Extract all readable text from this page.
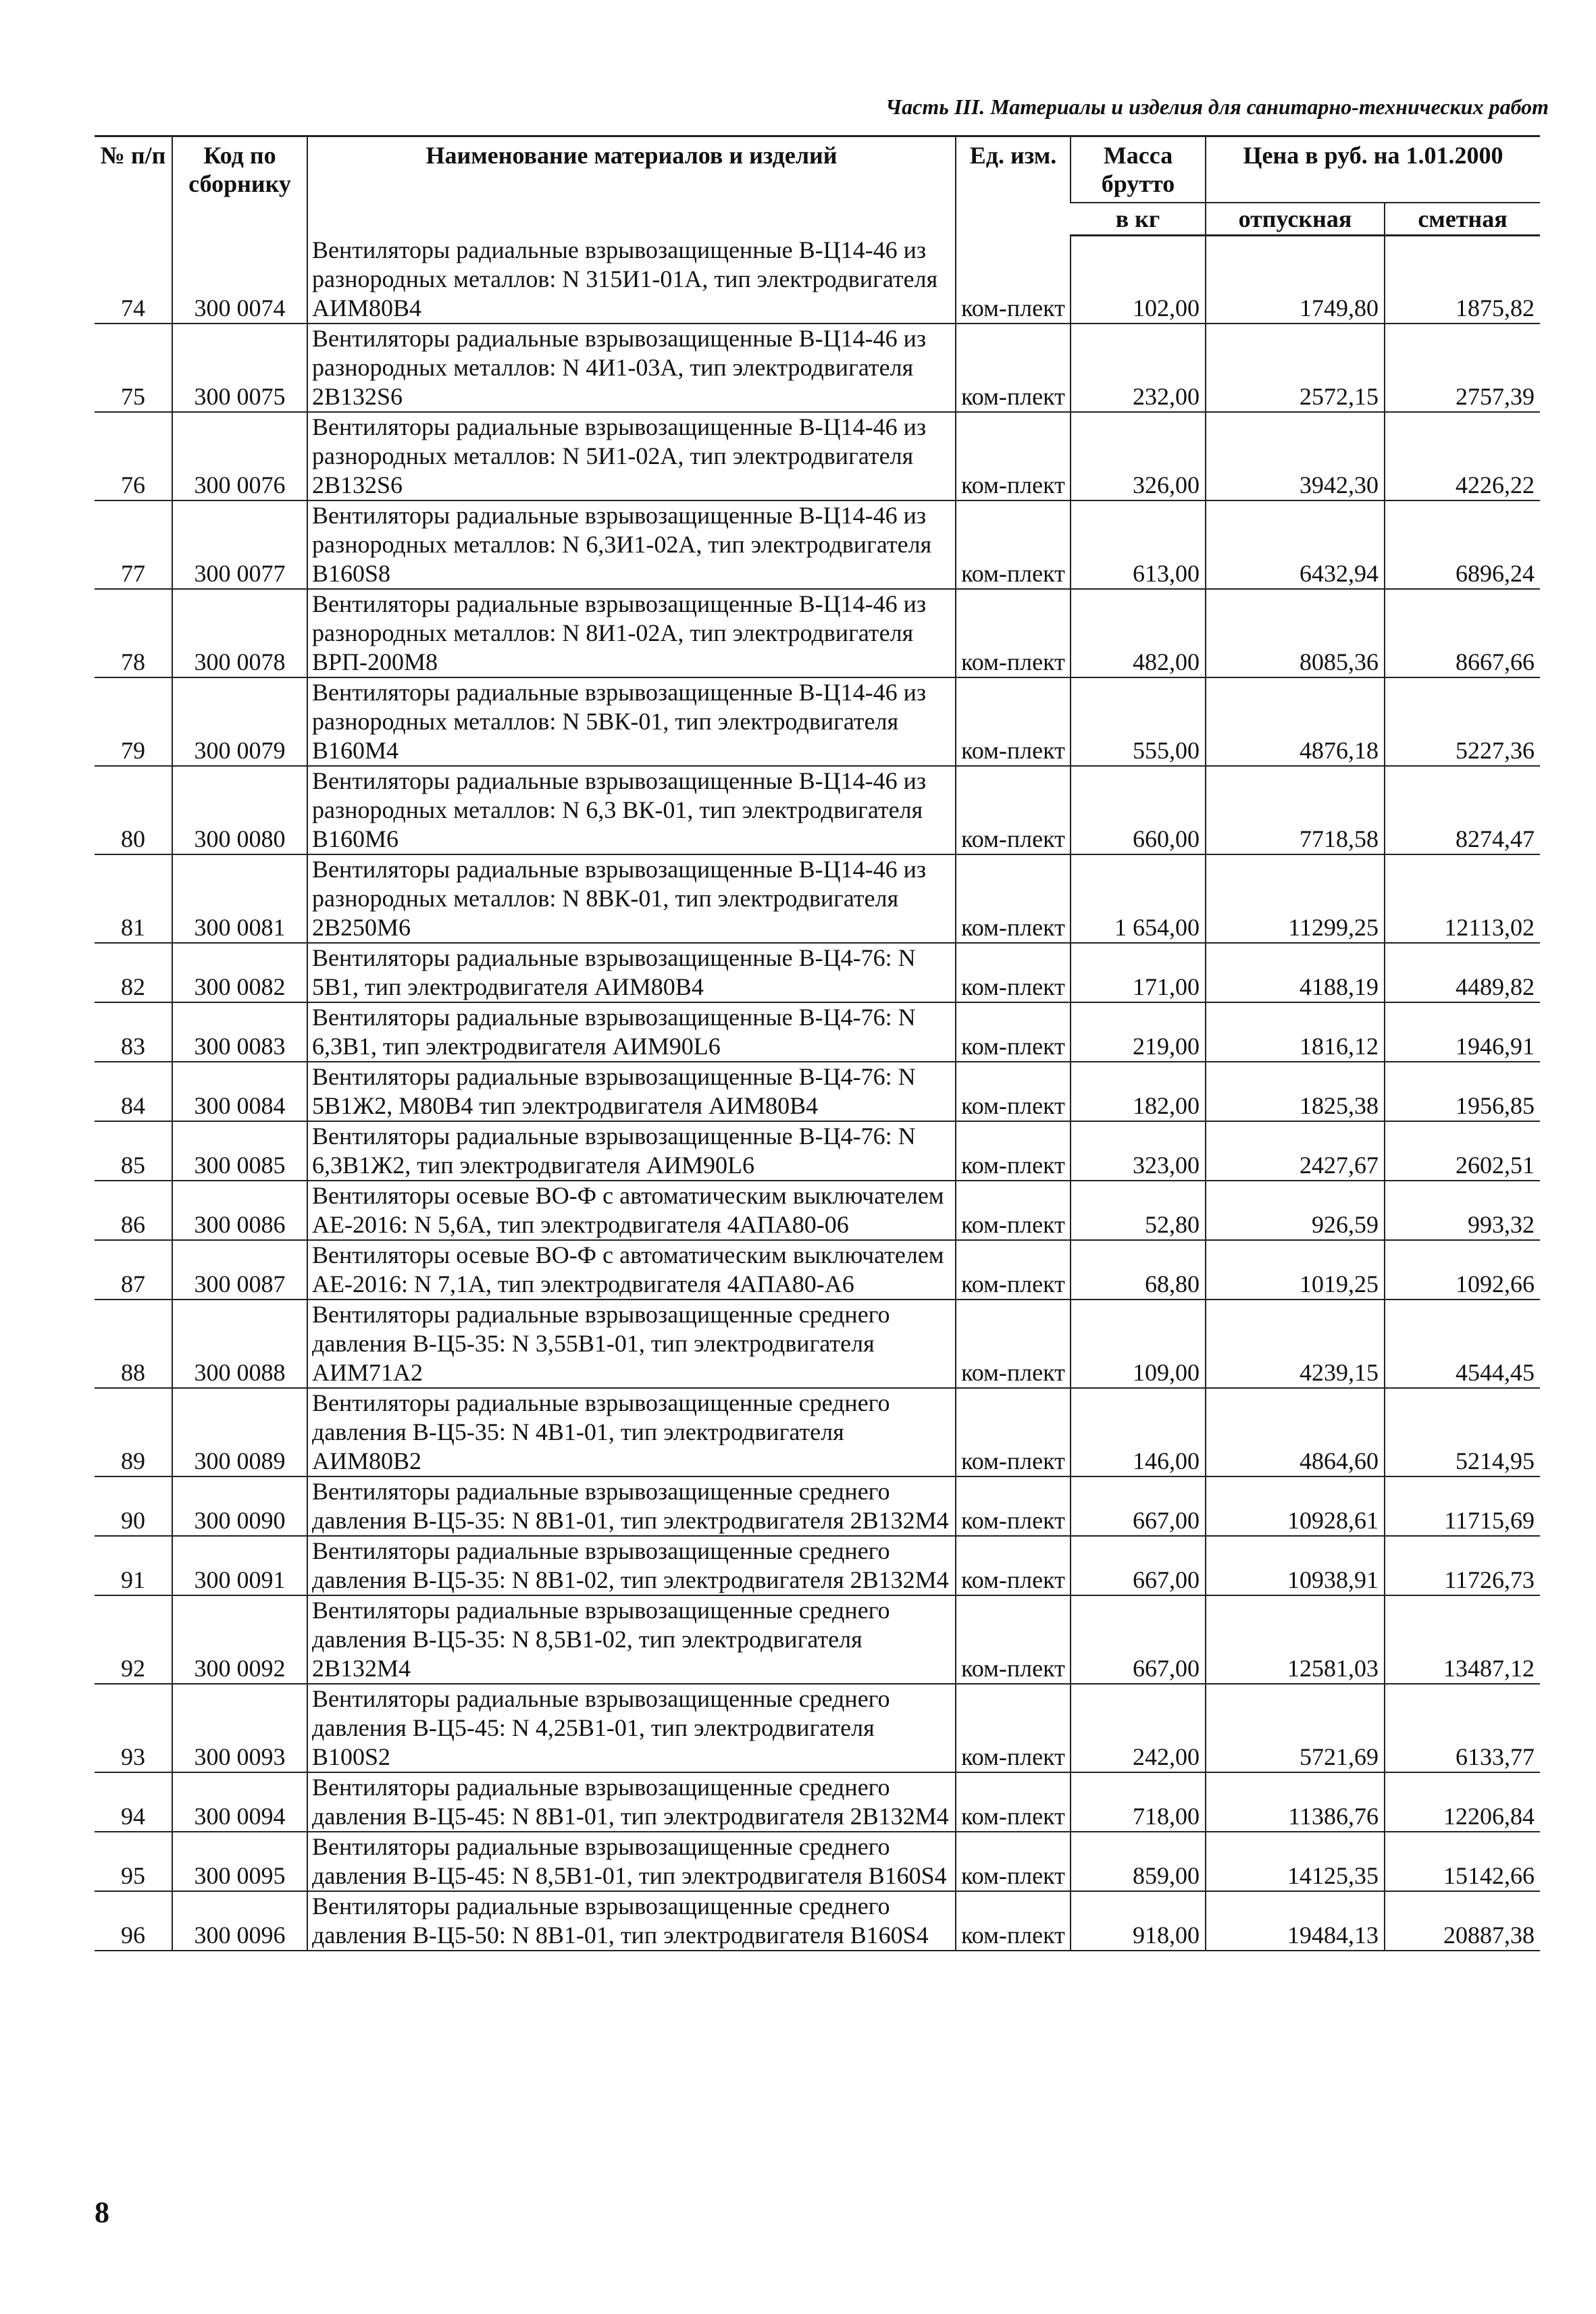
Часть III. Материалы и изделия для санитарно-технических работ
№ п/п	Код по сборнику	Наименование материалов и изделий	Ед. изм.	Масса брутто	Цена в руб. на 1.01.2000	
				в кг	отпускная	сметная
74	300 0074	Вентиляторы радиальные взрывозащищенные В-Ц14-46 из разнородных металлов: N 315И1-01А, тип электродвигателя АИМ80В4	ком-плект	102,00	1749,80	1875,82
75	300 0075	Вентиляторы радиальные взрывозащищенные В-Ц14-46 из разнородных металлов: N 4И1-03А, тип электродвигателя 2В132S6	ком-плект	232,00	2572,15	2757,39
76	300 0076	Вентиляторы радиальные взрывозащищенные В-Ц14-46 из разнородных металлов: N 5И1-02А, тип электродвигателя 2В132S6	ком-плект	326,00	3942,30	4226,22
77	300 0077	Вентиляторы радиальные взрывозащищенные В-Ц14-46 из разнородных металлов: N 6,3И1-02А, тип электродвигателя В160S8	ком-плект	613,00	6432,94	6896,24
78	300 0078	Вентиляторы радиальные взрывозащищенные В-Ц14-46 из разнородных металлов: N 8И1-02А, тип электродвигателя ВРП-200М8	ком-плект	482,00	8085,36	8667,66
79	300 0079	Вентиляторы радиальные взрывозащищенные В-Ц14-46 из разнородных металлов: N 5ВК-01, тип электродвигателя В160М4	ком-плект	555,00	4876,18	5227,36
80	300 0080	Вентиляторы радиальные взрывозащищенные В-Ц14-46 из разнородных металлов: N 6,3 ВК-01, тип электродвигателя В160М6	ком-плект	660,00	7718,58	8274,47
81	300 0081	Вентиляторы радиальные взрывозащищенные В-Ц14-46 из разнородных металлов: N 8ВК-01, тип электродвигателя 2В250М6	ком-плект	1 654,00	11299,25	12113,02
82	300 0082	Вентиляторы радиальные взрывозащищенные В-Ц4-76: N 5В1, тип электродвигателя АИМ80В4	ком-плект	171,00	4188,19	4489,82
83	300 0083	Вентиляторы радиальные взрывозащищенные В-Ц4-76: N 6,3В1, тип электродвигателя АИМ90L6	ком-плект	219,00	1816,12	1946,91
84	300 0084	Вентиляторы радиальные взрывозащищенные В-Ц4-76: N 5В1Ж2, М80В4 тип электродвигателя АИМ80В4	ком-плект	182,00	1825,38	1956,85
85	300 0085	Вентиляторы радиальные взрывозащищенные В-Ц4-76: N 6,3В1Ж2, тип электродвигателя АИМ90L6	ком-плект	323,00	2427,67	2602,51
86	300 0086	Вентиляторы осевые ВО-Ф с автоматическим выключателем АЕ-2016: N 5,6А, тип электродвигателя 4АПА80-06	ком-плект	52,80	926,59	993,32
87	300 0087	Вентиляторы осевые ВО-Ф с автоматическим выключателем АЕ-2016: N 7,1А, тип электродвигателя 4АПА80-А6	ком-плект	68,80	1019,25	1092,66
88	300 0088	Вентиляторы радиальные взрывозащищенные среднего давления В-Ц5-35: N 3,55В1-01, тип электродвигателя АИМ71А2	ком-плект	109,00	4239,15	4544,45
89	300 0089	Вентиляторы радиальные взрывозащищенные среднего давления В-Ц5-35: N 4В1-01, тип электродвигателя АИМ80В2	ком-плект	146,00	4864,60	5214,95
90	300 0090	Вентиляторы радиальные взрывозащищенные среднего давления В-Ц5-35: N 8В1-01, тип электродвигателя 2В132М4	ком-плект	667,00	10928,61	11715,69
91	300 0091	Вентиляторы радиальные взрывозащищенные среднего давления В-Ц5-35: N 8В1-02, тип электродвигателя 2В132М4	ком-плект	667,00	10938,91	11726,73
92	300 0092	Вентиляторы радиальные взрывозащищенные среднего давления В-Ц5-35: N 8,5В1-02, тип электродвигателя 2В132М4	ком-плект	667,00	12581,03	13487,12
93	300 0093	Вентиляторы радиальные взрывозащищенные среднего давления В-Ц5-45: N 4,25В1-01, тип электродвигателя В100S2	ком-плект	242,00	5721,69	6133,77
94	300 0094	Вентиляторы радиальные взрывозащищенные среднего давления В-Ц5-45: N 8В1-01, тип электродвигателя 2В132М4	ком-плект	718,00	11386,76	12206,84
95	300 0095	Вентиляторы радиальные взрывозащищенные среднего давления В-Ц5-45: N 8,5В1-01, тип электродвигателя В160S4	ком-плект	859,00	14125,35	15142,66
96	300 0096	Вентиляторы радиальные взрывозащищенные среднего давления В-Ц5-50: N 8В1-01, тип электродвигателя В160S4	ком-плект	918,00	19484,13	20887,38
8
